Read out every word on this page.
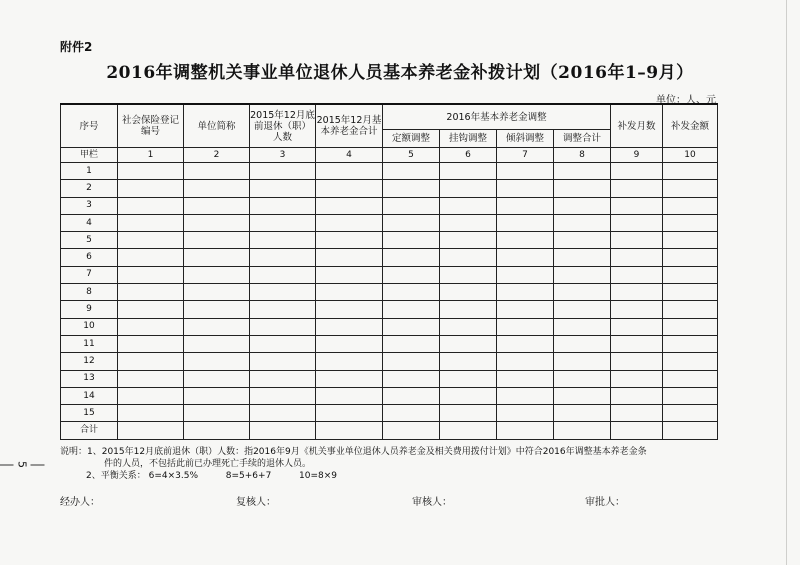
附件2
2016年调整机关事业单位退休人员基本养老金补拨计划（2016年1–9月）
单位：人、元
序号	社会保险登记编号	单位简称	2015年12月底前退休（职）人数	2015年12月基本养老金合计	2016年基本养老金调整				补发月数	补发金额
					定额调整	挂钩调整	倾斜调整	调整合计		
甲栏	1	2	3	4	5	6	7	8	9	10
1										
2										
3										
4										
5										
6										
7										
8										
9										
10										
11										
12										
13										
14										
15										
合计										
说明：1、2015年12月底前退休（职）人数：指2016年9月《机关事业单位退休人员养老金及相关费用拨付计划》中符合2016年调整基本养老金条
件的人员，不包括此前已办理死亡手续的退休人员。
2、平衡关系： 6=4×3.5%	8=5+6+7	10=8×9
经办人：	复核人：	审核人：	审批人：
5
